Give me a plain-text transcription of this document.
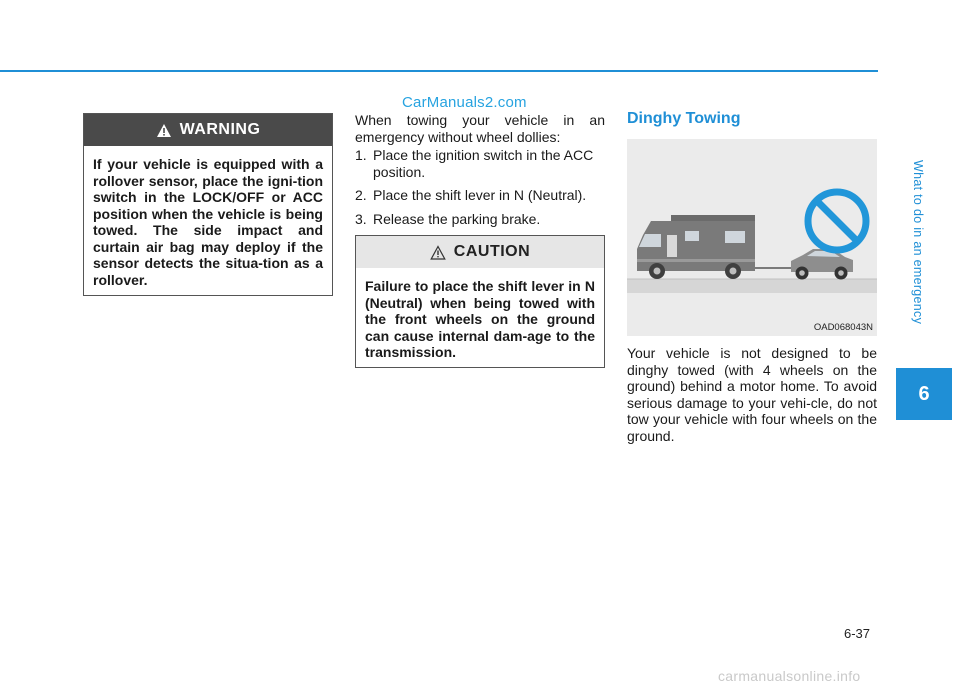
CarManuals2.com
WARNING
If your vehicle is equipped with a rollover sensor, place the igni-tion switch in the LOCK/OFF or ACC position when the vehicle is being towed. The side impact and curtain air bag may deploy if the sensor detects the situa-tion as a rollover.
When towing your vehicle in an emergency without wheel dollies:
1. Place the ignition switch in the ACC position.
2. Place the shift lever in N (Neutral).
3. Release the parking brake.
CAUTION
Failure to place the shift lever in N (Neutral) when being towed with the front wheels on the ground can cause internal dam-age to the transmission.
Dinghy Towing
OAD068043N
Your vehicle is not designed to be dinghy towed (with 4 wheels on the ground) behind a motor home. To avoid serious damage to your vehi-cle, do not tow your vehicle with four wheels on the ground.
What to do in an emergency
6
6-37
carmanualsonline.info
